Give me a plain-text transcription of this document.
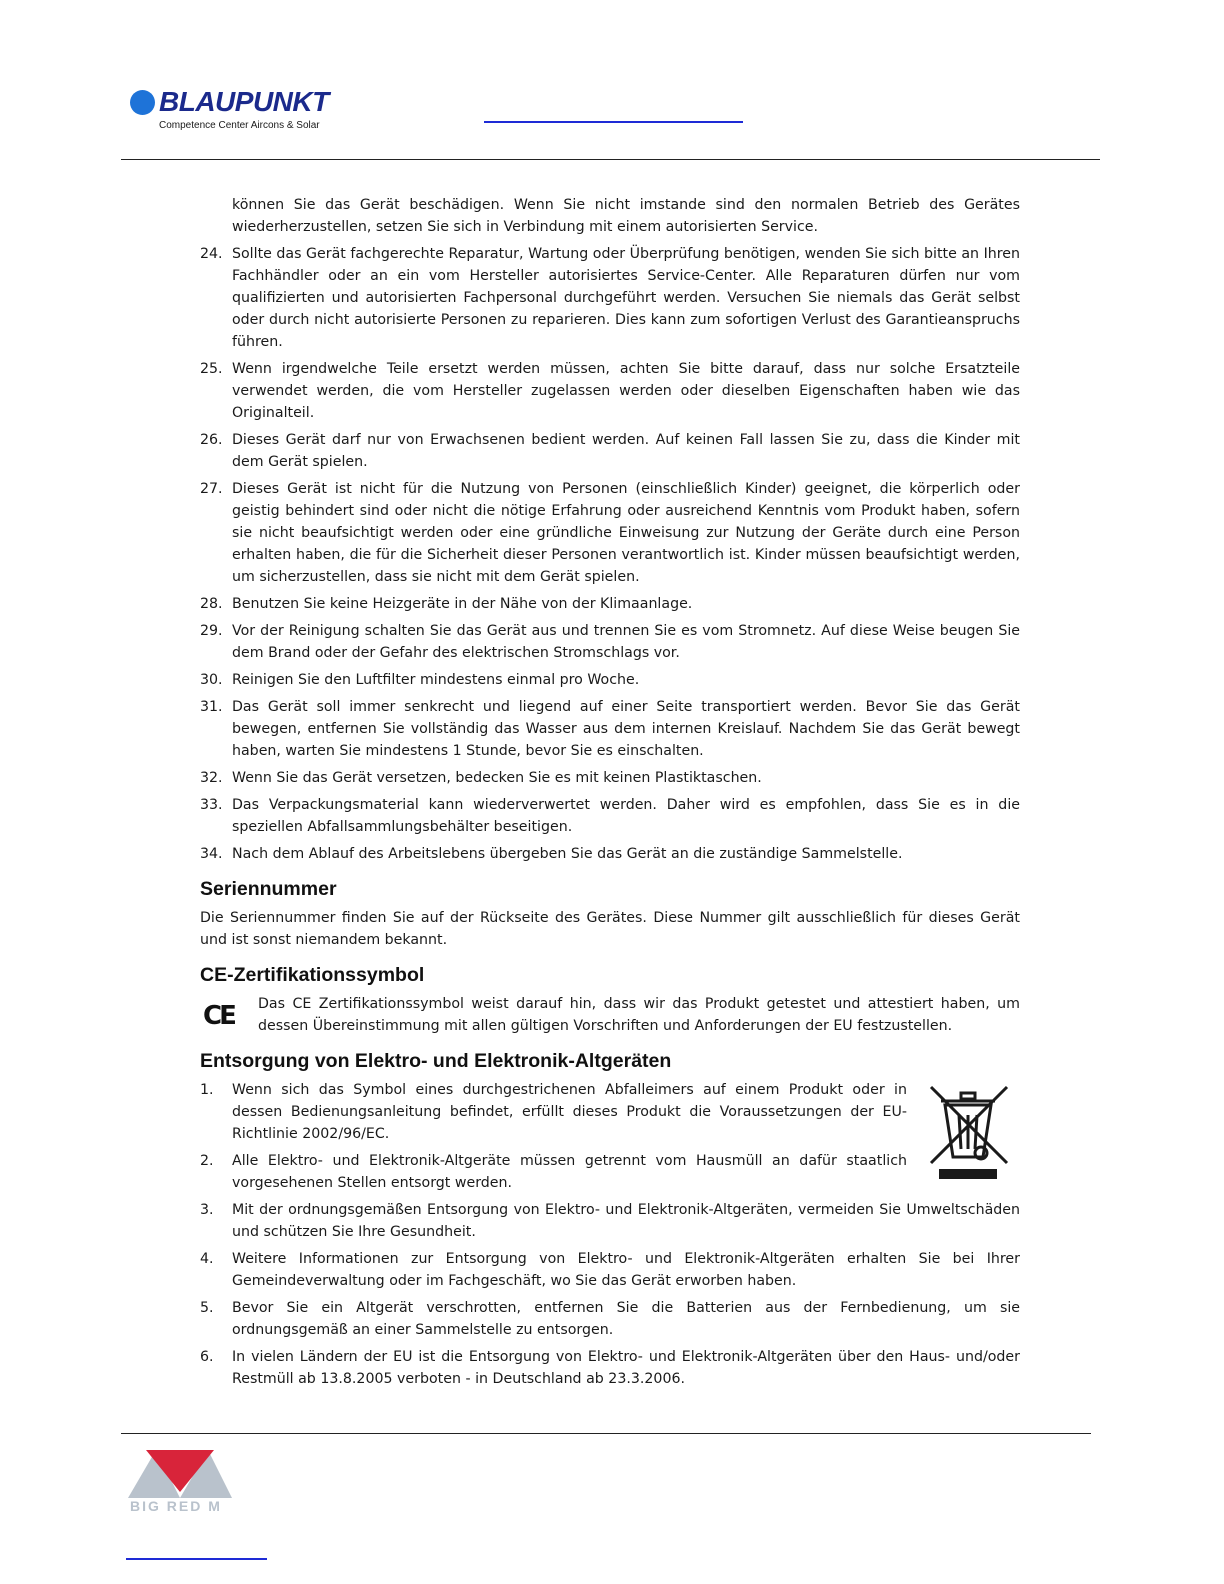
BLAUPUNKT
Competence Center Aircons & Solar
können Sie das Gerät beschädigen. Wenn Sie nicht imstande sind den normalen Betrieb des Gerätes wiederherzustellen, setzen Sie sich in Verbindung mit einem autorisierten Service.
24. Sollte das Gerät fachgerechte Reparatur, Wartung oder Überprüfung benötigen, wenden Sie sich bitte an Ihren Fachhändler oder an ein vom Hersteller autorisiertes Service-Center. Alle Reparaturen dürfen nur vom qualifizierten und autorisierten Fachpersonal durchgeführt werden. Versuchen Sie niemals das Gerät selbst oder durch nicht autorisierte Personen zu reparieren. Dies kann zum sofortigen Verlust des Garantieanspruchs führen.
25. Wenn irgendwelche Teile ersetzt werden müssen, achten Sie bitte darauf, dass nur solche Ersatzteile verwendet werden, die vom Hersteller zugelassen werden oder dieselben Eigenschaften haben wie das Originalteil.
26. Dieses Gerät darf nur von Erwachsenen bedient werden. Auf keinen Fall lassen Sie zu, dass die Kinder mit dem Gerät spielen.
27. Dieses Gerät ist nicht für die Nutzung von Personen (einschließlich Kinder) geeignet, die körperlich oder geistig behindert sind oder nicht die nötige Erfahrung oder ausreichend Kenntnis vom Produkt haben, sofern sie nicht beaufsichtigt werden oder eine gründliche Einweisung zur Nutzung der Geräte durch eine Person erhalten haben, die für die Sicherheit dieser Personen verantwortlich ist. Kinder müssen beaufsichtigt werden, um sicherzustellen, dass sie nicht mit dem Gerät spielen.
28. Benutzen Sie keine Heizgeräte in der Nähe von der Klimaanlage.
29. Vor der Reinigung schalten Sie das Gerät aus und trennen Sie es vom Stromnetz. Auf diese Weise beugen Sie dem Brand oder der Gefahr des elektrischen Stromschlags vor.
30. Reinigen Sie den Luftfilter mindestens einmal pro Woche.
31. Das Gerät soll immer senkrecht und liegend auf einer Seite transportiert werden. Bevor Sie das Gerät bewegen, entfernen Sie vollständig das Wasser aus dem internen Kreislauf. Nachdem Sie das Gerät bewegt haben, warten Sie mindestens 1 Stunde, bevor Sie es einschalten.
32. Wenn Sie das Gerät versetzen, bedecken Sie es mit keinen Plastiktaschen.
33. Das Verpackungsmaterial kann wiederverwertet werden. Daher wird es empfohlen, dass Sie es in die speziellen Abfallsammlungsbehälter beseitigen.
34. Nach dem Ablauf des Arbeitslebens übergeben Sie das Gerät an die zuständige Sammelstelle.
Seriennummer
Die Seriennummer finden Sie auf der Rückseite des Gerätes. Diese Nummer gilt ausschließlich für dieses Gerät und ist sonst niemandem bekannt.
CE-Zertifikationssymbol
CE	Das CE Zertifikationssymbol weist darauf hin, dass wir das Produkt getestet und attestiert haben, um dessen Übereinstimmung mit allen gültigen Vorschriften und Anforderungen der EU festzustellen.
Entsorgung von Elektro- und Elektronik-Altgeräten
1.	Wenn sich das Symbol eines durchgestrichenen Abfalleimers auf einem Produkt oder in dessen Bedienungsanleitung befindet, erfüllt dieses Produkt die Voraussetzungen der EU-Richtlinie 2002/96/EC.
2.	Alle Elektro- und Elektronik-Altgeräte müssen getrennt vom Hausmüll an dafür staatlich vorgesehenen Stellen entsorgt werden.
3.	Mit der ordnungsgemäßen Entsorgung von Elektro- und Elektronik-Altgeräten, vermeiden Sie Umweltschäden und schützen Sie Ihre Gesundheit.
4.	Weitere Informationen zur Entsorgung von Elektro- und Elektronik-Altgeräten erhalten Sie bei Ihrer Gemeindeverwaltung oder im Fachgeschäft, wo Sie das Gerät erworben haben.
5.	Bevor Sie ein Altgerät verschrotten, entfernen Sie die Batterien aus der Fernbedienung, um sie ordnungsgemäß an einer Sammelstelle zu entsorgen.
6.	In vielen Ländern der EU ist die Entsorgung von Elektro- und Elektronik-Altgeräten über den Haus- und/oder Restmüll ab 13.8.2005 verboten - in Deutschland ab 23.3.2006.
BIG RED M
